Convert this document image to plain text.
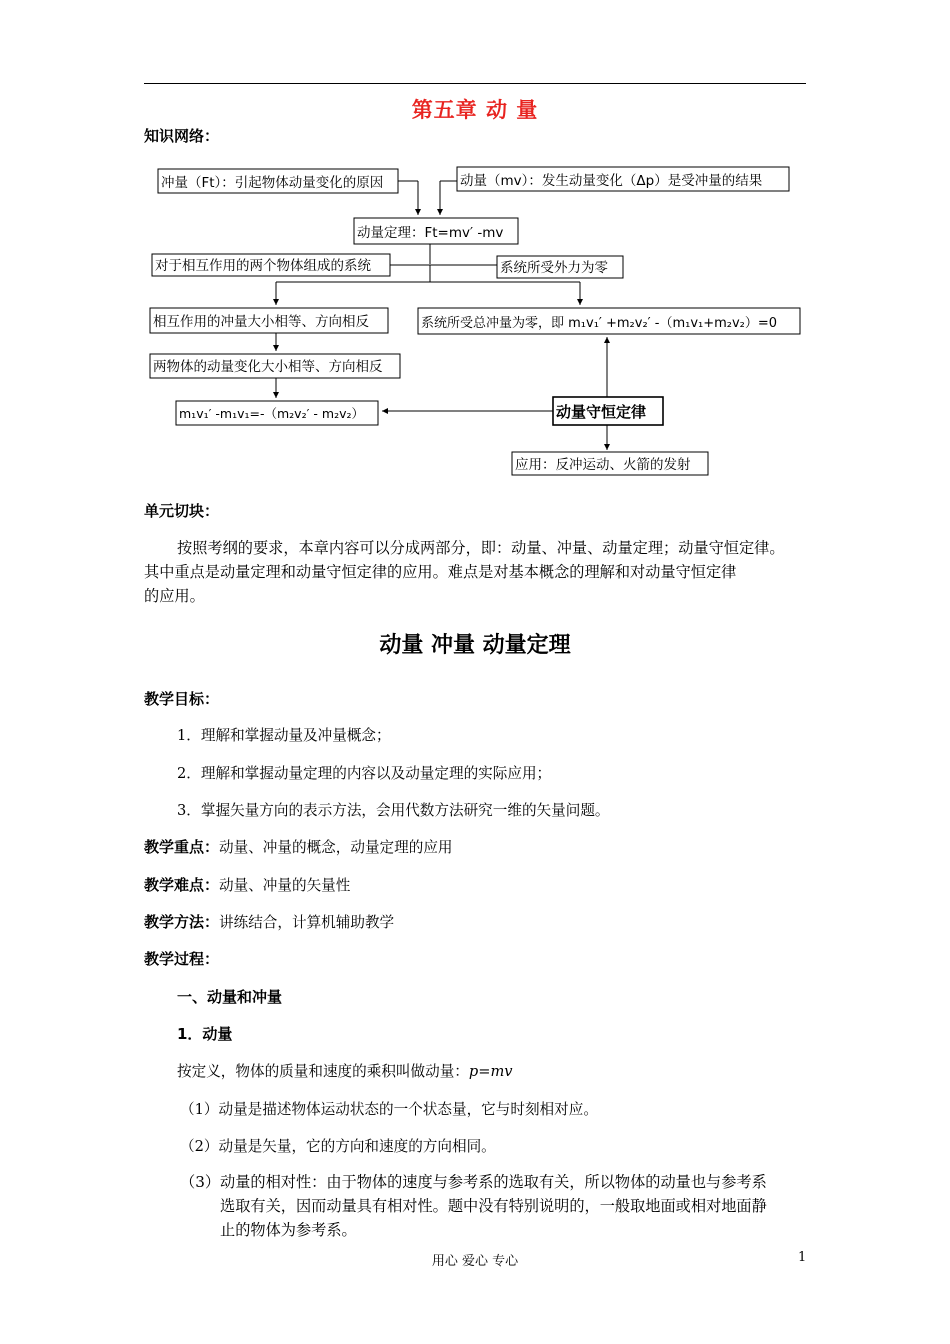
第五章 动 量
知识网络：
冲量（Ft）：引起物体动量变化的原因	动量（mv）：发生动量变化（Δp）是受冲量的结果
动量定理：Ft=mv′ -mv
对于相互作用的两个物体组成的系统	系统所受外力为零
相互作用的冲量大小相等、方向相反	系统所受总冲量为零，即 m₁v₁′ +m₂v₂′ -（m₁v₁+m₂v₂）=0
两物体的动量变化大小相等、方向相反
m₁v₁′ -m₁v₁=-（m₂v₂′ - m₂v₂）	动量守恒定律
应用：反冲运动、火箭的发射
单元切块：
按照考纲的要求，本章内容可以分成两部分，即：动量、冲量、动量定理；动量守恒定律。
其中重点是动量定理和动量守恒定律的应用。难点是对基本概念的理解和对动量守恒定律
的应用。
动量 冲量 动量定理
教学目标：
1．理解和掌握动量及冲量概念；
2．理解和掌握动量定理的内容以及动量定理的实际应用；
3．掌握矢量方向的表示方法，会用代数方法研究一维的矢量问题。
教学重点：动量、冲量的概念，动量定理的应用
教学难点：动量、冲量的矢量性
教学方法：讲练结合，计算机辅助教学
教学过程：
一、动量和冲量
1．动量
按定义，物体的质量和速度的乘积叫做动量：p=mv
（1）动量是描述物体运动状态的一个状态量，它与时刻相对应。
（2）动量是矢量，它的方向和速度的方向相同。
（3）动量的相对性：由于物体的速度与参考系的选取有关，所以物体的动量也与参考系
选取有关，因而动量具有相对性。题中没有特别说明的，一般取地面或相对地面静
止的物体为参考系。
用心 爱心 专心	1
